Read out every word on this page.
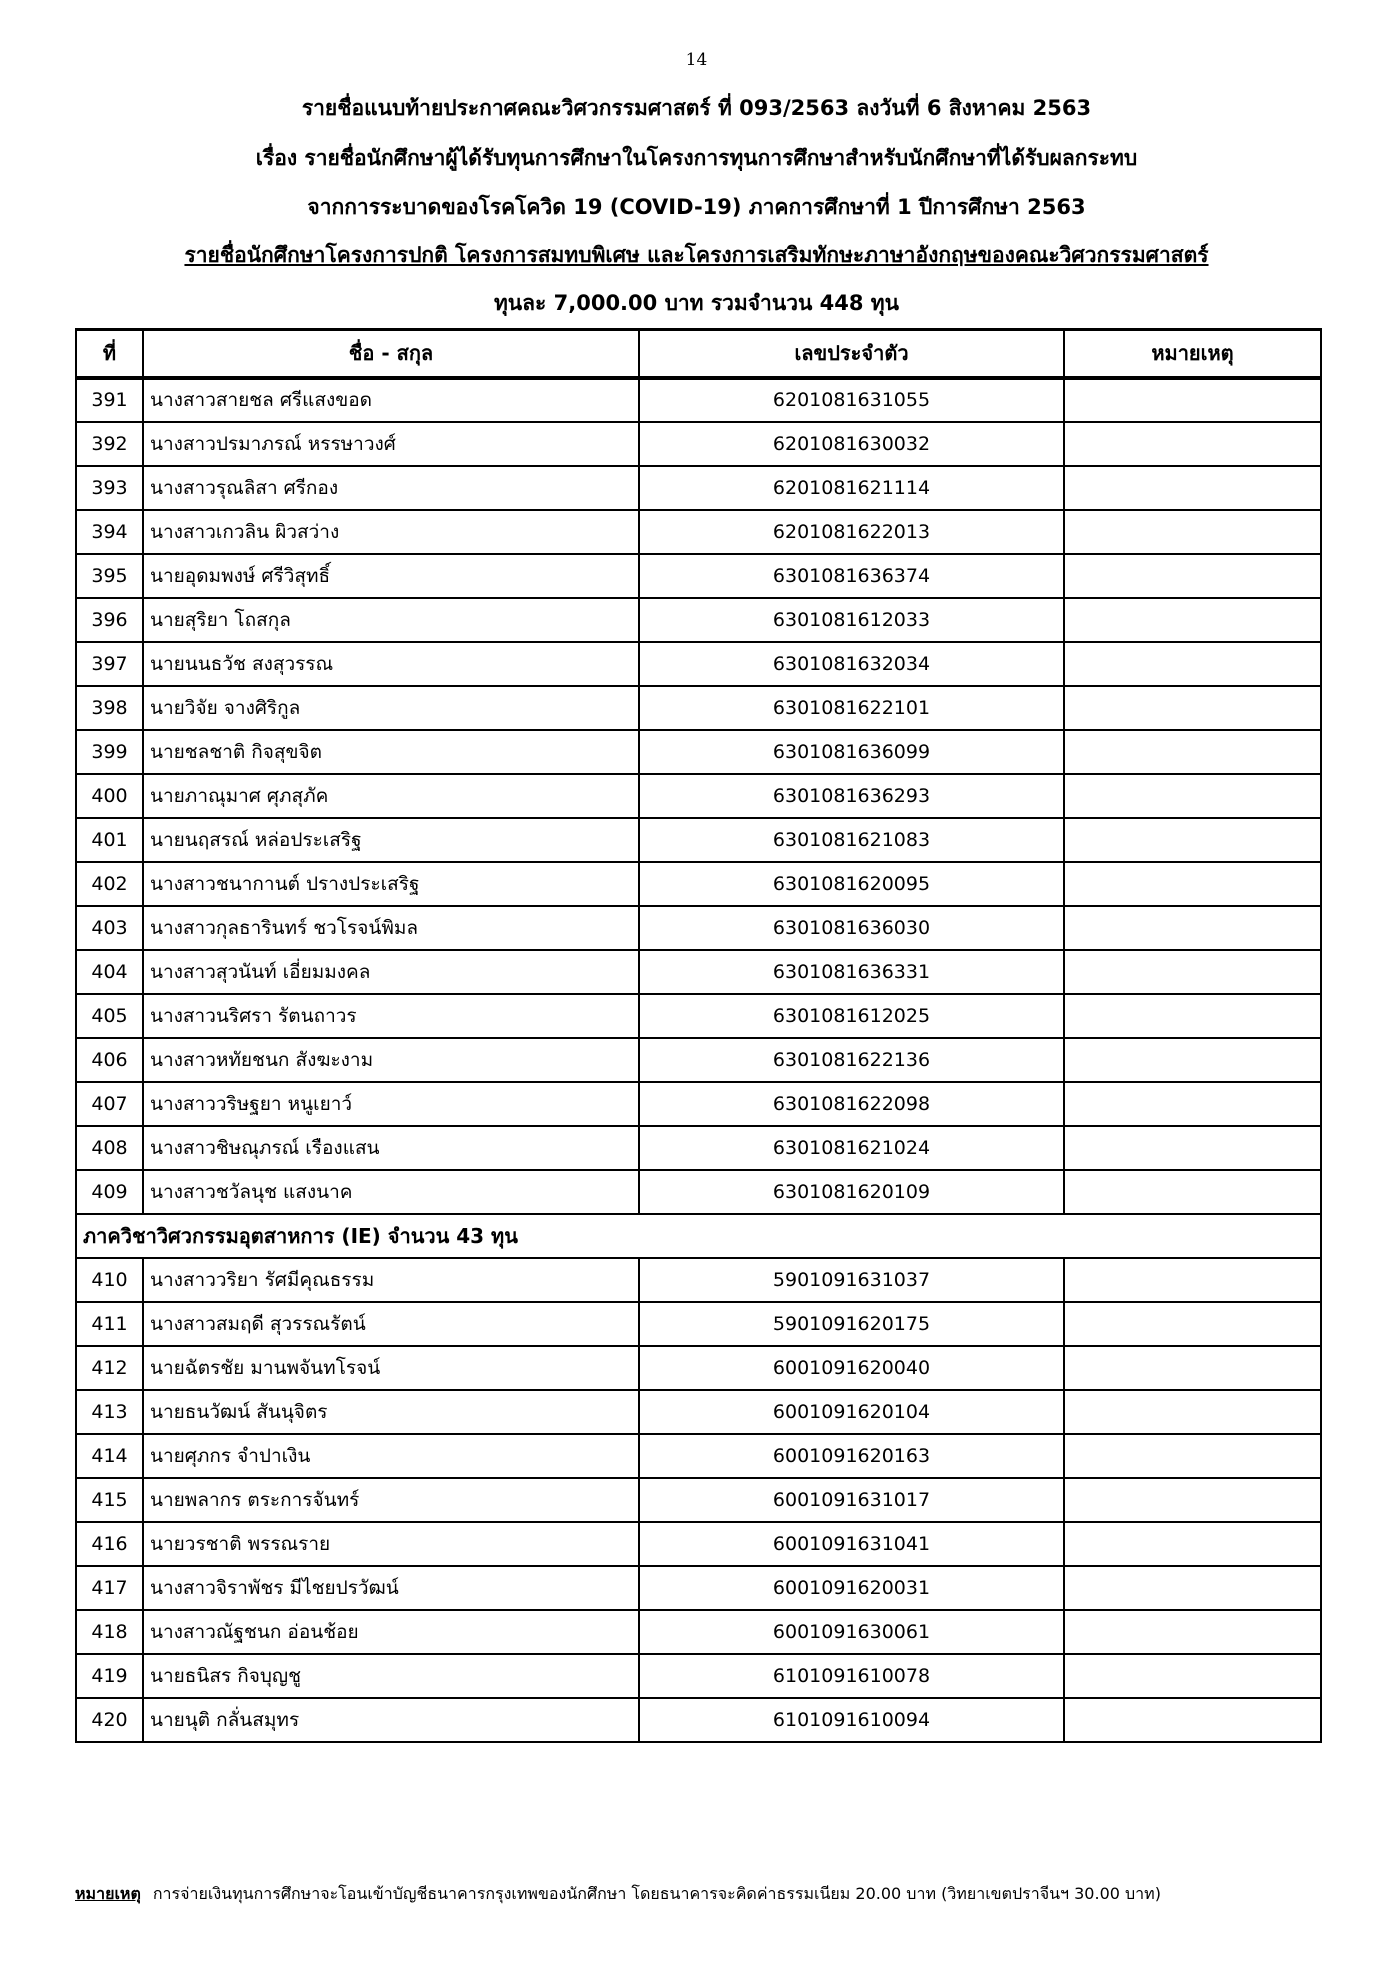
14
รายชื่อแนบท้ายประกาศคณะวิศวกรรมศาสตร์ ที่ 093/2563 ลงวันที่ 6 สิงหาคม 2563
เรื่อง รายชื่อนักศึกษาผู้ได้รับทุนการศึกษาในโครงการทุนการศึกษาสำหรับนักศึกษาที่ได้รับผลกระทบ
จากการระบาดของโรคโควิด 19 (COVID-19) ภาคการศึกษาที่ 1 ปีการศึกษา 2563
รายชื่อนักศึกษาโครงการปกติ โครงการสมทบพิเศษ และโครงการเสริมทักษะภาษาอังกฤษของคณะวิศวกรรมศาสตร์
ทุนละ 7,000.00 บาท รวมจำนวน 448 ทุน
ที่	ชื่อ - สกุล	เลขประจำตัว	หมายเหตุ
391	นางสาวสายชล ศรีแสงขอด	6201081631055	
392	นางสาวปรมาภรณ์ หรรษาวงศ์	6201081630032	
393	นางสาวรุณลิสา ศรีกอง	6201081621114	
394	นางสาวเกวลิน ผิวสว่าง	6201081622013	
395	นายอุดมพงษ์ ศรีวิสุทธิ์	6301081636374	
396	นายสุริยา โถสกุล	6301081612033	
397	นายนนธวัช สงสุวรรณ	6301081632034	
398	นายวิจัย จางศิริกูล	6301081622101	
399	นายชลชาติ กิจสุขจิต	6301081636099	
400	นายภาณุมาศ ศุภสุภัค	6301081636293	
401	นายนฤสรณ์ หล่อประเสริฐ	6301081621083	
402	นางสาวชนากานต์ ปรางประเสริฐ	6301081620095	
403	นางสาวกุลธารินทร์ ชวโรจน์พิมล	6301081636030	
404	นางสาวสุวนันท์ เอี่ยมมงคล	6301081636331	
405	นางสาวนริศรา รัตนถาวร	6301081612025	
406	นางสาวหทัยชนก สังฆะงาม	6301081622136	
407	นางสาววริษฐยา หนูเยาว์	6301081622098	
408	นางสาวชิษณุภรณ์ เรืองแสน	6301081621024	
409	นางสาวชวัลนุช แสงนาค	6301081620109	
ภาควิชาวิศวกรรมอุตสาหการ (IE) จำนวน 43 ทุน			
410	นางสาววริยา รัศมีคุณธรรม	5901091631037	
411	นางสาวสมฤดี สุวรรณรัตน์	5901091620175	
412	นายฉัตรชัย มานพจันทโรจน์	6001091620040	
413	นายธนวัฒน์ สันนุจิตร	6001091620104	
414	นายศุภกร จำปาเงิน	6001091620163	
415	นายพลากร ตระการจันทร์	6001091631017	
416	นายวรชาติ พรรณราย	6001091631041	
417	นางสาวจิราพัชร มีไชยปรวัฒน์	6001091620031	
418	นางสาวณัฐชนก อ่อนช้อย	6001091630061	
419	นายธนิสร กิจบุญชู	6101091610078	
420	นายนุติ กลั่นสมุทร	6101091610094	
หมายเหตุ การจ่ายเงินทุนการศึกษาจะโอนเข้าบัญชีธนาคารกรุงเทพของนักศึกษา โดยธนาคารจะคิดค่าธรรมเนียม 20.00 บาท (วิทยาเขตปราจีนฯ 30.00 บาท)
